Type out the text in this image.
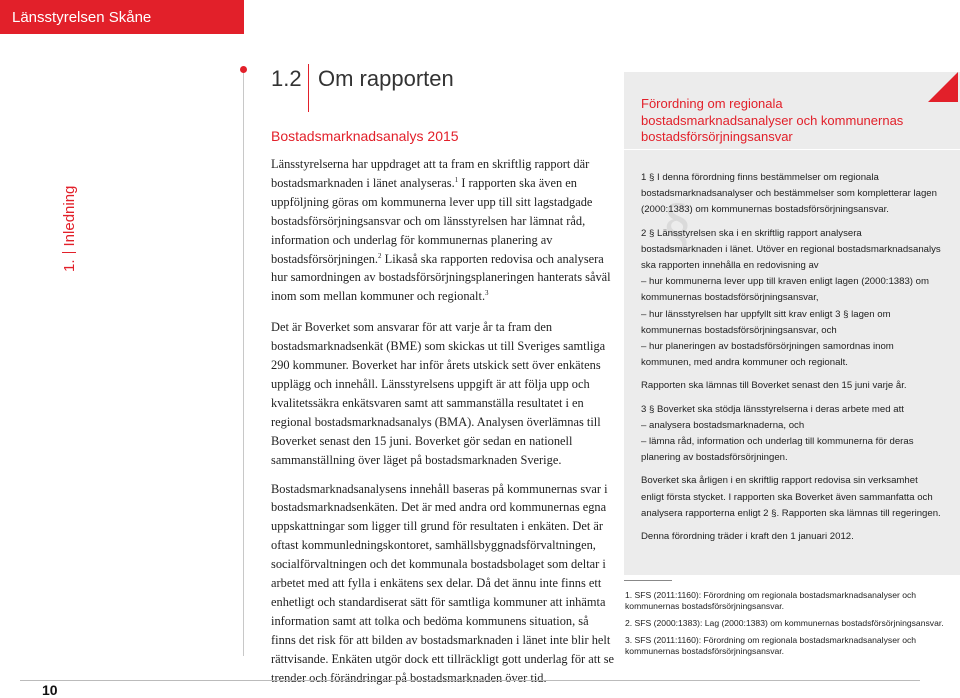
Länsstyrelsen Skåne
1.Inledning
1.2 Om rapporten
Bostadsmarknadsanalys 2015

Länsstyrelserna har uppdraget att ta fram en skriftlig rapport där bostadsmarknaden i länet analyseras.$^1$ I rapporten ska även en uppföljning göras om kommunerna lever upp till sitt lagstadgade bostadsförsörjningsansvar och om länsstyrelsen har lämnat råd, information och underlag för kommunernas planering av bostadsförsörjningen.$^2$ Likaså ska rapporten redovisa och analysera hur samordningen av bostadsförsörjningsplaneringen hanterats såväl inom som mellan kommuner och regionalt.$^3$

Det är Boverket som ansvarar för att varje år ta fram den bostadsmarknadsenkät (BME) som skickas ut till Sveriges samtliga 290 kommuner. Boverket har inför årets utskick sett över enkätens upplägg och innehåll. Länsstyrelsens uppgift är att följa upp och kvalitetssäkra enkätsvaren samt att sammanställa resultatet i en regional bostadsmarknadsanalys (BMA). Analysen överlämnas till Boverket senast den 15 juni. Boverket gör sedan en nationell sammanställning över läget på bostadsmarknaden Sverige.

Bostadsmarknadsanalysens innehåll baseras på kommunernas svar i bostadsmarknadsenkäten. Det är med andra ord kommunernas egna uppskattningar som ligger till grund för resultaten i enkäten. Det är oftast kommunledningskontoret, samhällsbyggnadsförvaltningen, socialförvaltningen och det kommunala bostadsbolaget som deltar i arbetet med att fylla i enkätens sex delar. Då det ännu inte finns ett enhetligt och standardiserat sätt för samtliga kommuner att inhämta information samt att tolka och bedöma kommunens situation, så finns det risk för att bilden av bostadsmarknaden i länet inte blir helt rättvisande. Enkäten utgör dock ett tillräckligt gott underlag för att se trender och förändringar på bostadsmarknaden över tid.

Förordning om regionala bostadsmarknadsanalyser och kommunernas bostadsförsörjningsansvar
§

1 § I denna förordning finns bestämmelser om regionala bostadsmarknadsanalyser och bestämmelser som kompletterar lagen (2000:1383) om kommunernas bostadsförsörjningsansvar.

2 § Länsstyrelsen ska i en skriftlig rapport analysera bostadsmarknaden i länet. Utöver en regional bostadsmarknadsanalys ska rapporten innehålla en redovisning av

– hur kommunerna lever upp till kraven enligt lagen (2000:1383) om kommunernas bostadsförsörjningsansvar,

– hur länsstyrelsen har uppfyllt sitt krav enligt 3 § lagen om kommunernas bostadsförsörjningsansvar, och

– hur planeringen av bostadsförsörjningen samordnas inom kommunen, med andra kommuner och regionalt.

Rapporten ska lämnas till Boverket senast den 15 juni varje år.

3 § Boverket ska stödja länsstyrelserna i deras arbete med att

– analysera bostadsmarknaderna, och

– lämna råd, information och underlag till kommunerna för deras planering av bostadsförsörjningen.

Boverket ska årligen i en skriftlig rapport redovisa sin verksamhet enligt första stycket. I rapporten ska Boverket även sammanfatta och analysera rapporterna enligt 2 §. Rapporten ska lämnas till regeringen.

Denna förordning träder i kraft den 1 januari 2012.

1. SFS (2011:1160): Förordning om regionala bostadsmarknadsanalyser och kommunernas bostadsförsörjningsansvar.

2. SFS (2000:1383): Lag (2000:1383) om kommunernas bostadsförsörjningsansvar.

3. SFS (2011:1160): Förordning om regionala bostadsmarknadsanalyser och kommunernas bostadsförsörjningsansvar.

10
